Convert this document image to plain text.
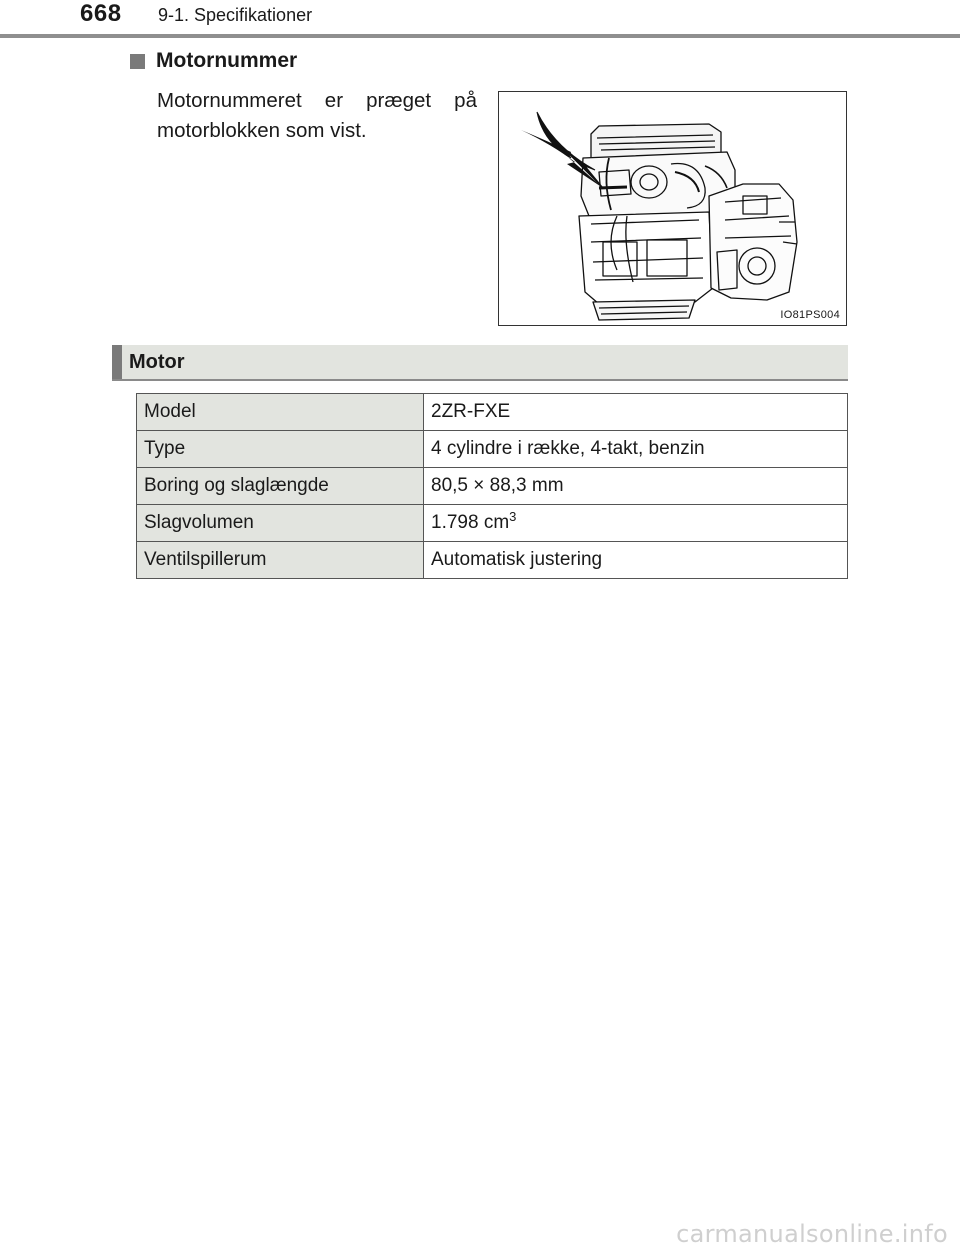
668 9-1. Specifikationer
Motornummer
Motornummeret er præget på motorblokken som vist.
IO81PS004
Motor
Model	2ZR-FXE
Type	4 cylindre i række, 4-takt, benzin
Boring og slaglængde	80,5 × 88,3 mm
Slagvolumen	1.798 $cm^3$
Ventilspillerum	Automatisk justering
carmanualsonline.info
